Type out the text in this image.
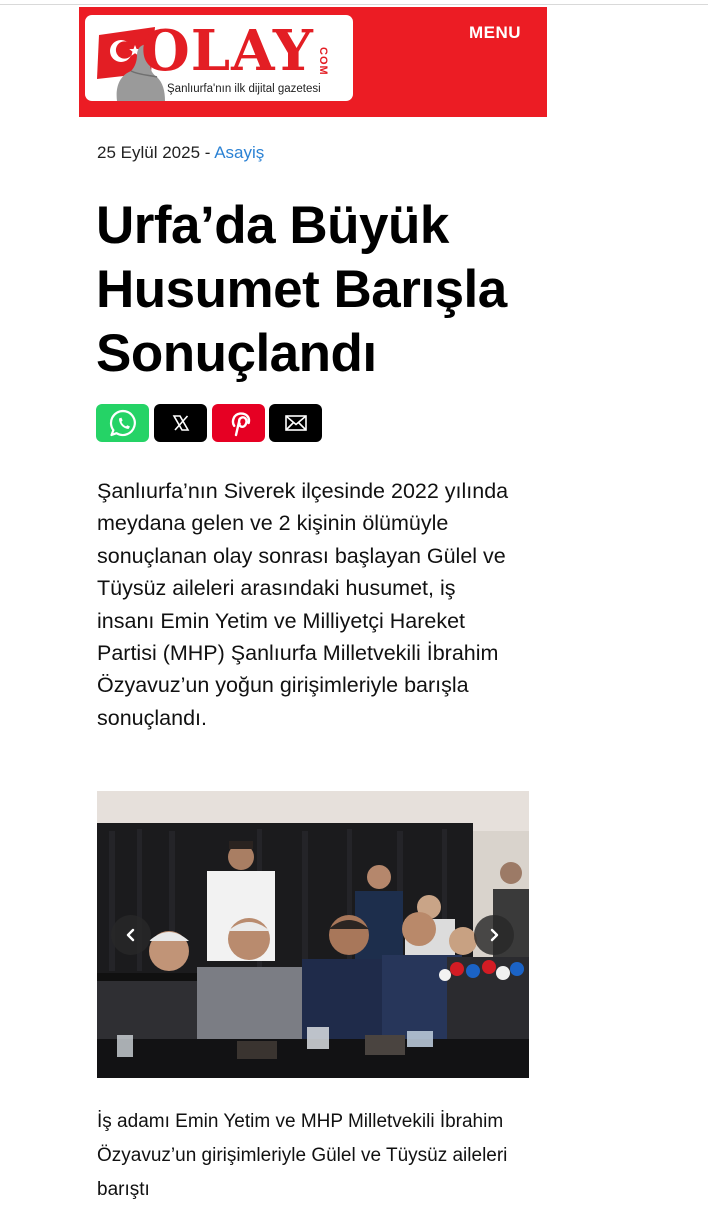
OLAY COM
Şanlıurfa'nın ilk dijital gazetesi
MENU
25 Eylül 2025 - Asayiş
Urfa’da Büyük Husumet Barışla Sonuçlandı

Şanlıurfa’nın Siverek ilçesinde 2022 yılında meydana gelen ve 2 kişinin ölümüyle sonuçlanan olay sonrası başlayan Gülel ve Tüysüz aileleri arasındaki husumet, iş insanı Emin Yetim ve Milliyetçi Hareket Partisi (MHP) Şanlıurfa Milletvekili İbrahim Özyavuz’un yoğun girişimleriyle barışla sonuçlandı.

İş adamı Emin Yetim ve MHP Milletvekili İbrahim Özyavuz’un girişimleriyle Gülel ve Tüysüz aileleri barıştı
